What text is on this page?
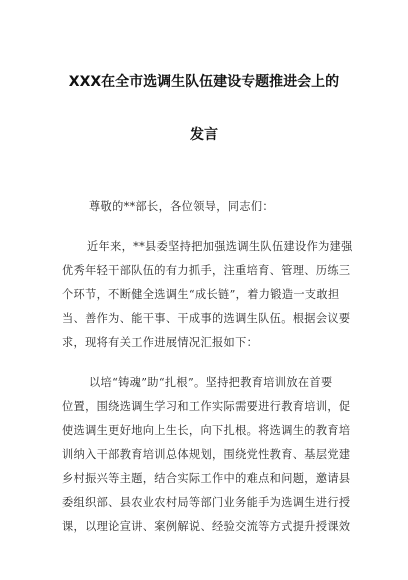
XXX在全市选调生队伍建设专题推进会上的
发言
尊敬的**部长，各位领导，同志们：
近年来，**县委坚持把加强选调生队伍建设作为建强
优秀年轻干部队伍的有力抓手，注重培育、管理、历练三
个环节，不断健全选调生“成长链”，着力锻造一支敢担
当、善作为、能干事、干成事的选调生队伍。根据会议要
求，现将有关工作进展情况汇报如下：
以培“铸魂”助“扎根”。坚持把教育培训放在首要
位置，围绕选调生学习和工作实际需要进行教育培训，促
使选调生更好地向上生长，向下扎根。将选调生的教育培
训纳入干部教育培训总体规划，围绕党性教育、基层党建
乡村振兴等主题，结合实际工作中的难点和问题，邀请县
委组织部、县农业农村局等部门业务能手为选调生进行授
课，以理论宣讲、案例解说、经验交流等方式提升授课效
